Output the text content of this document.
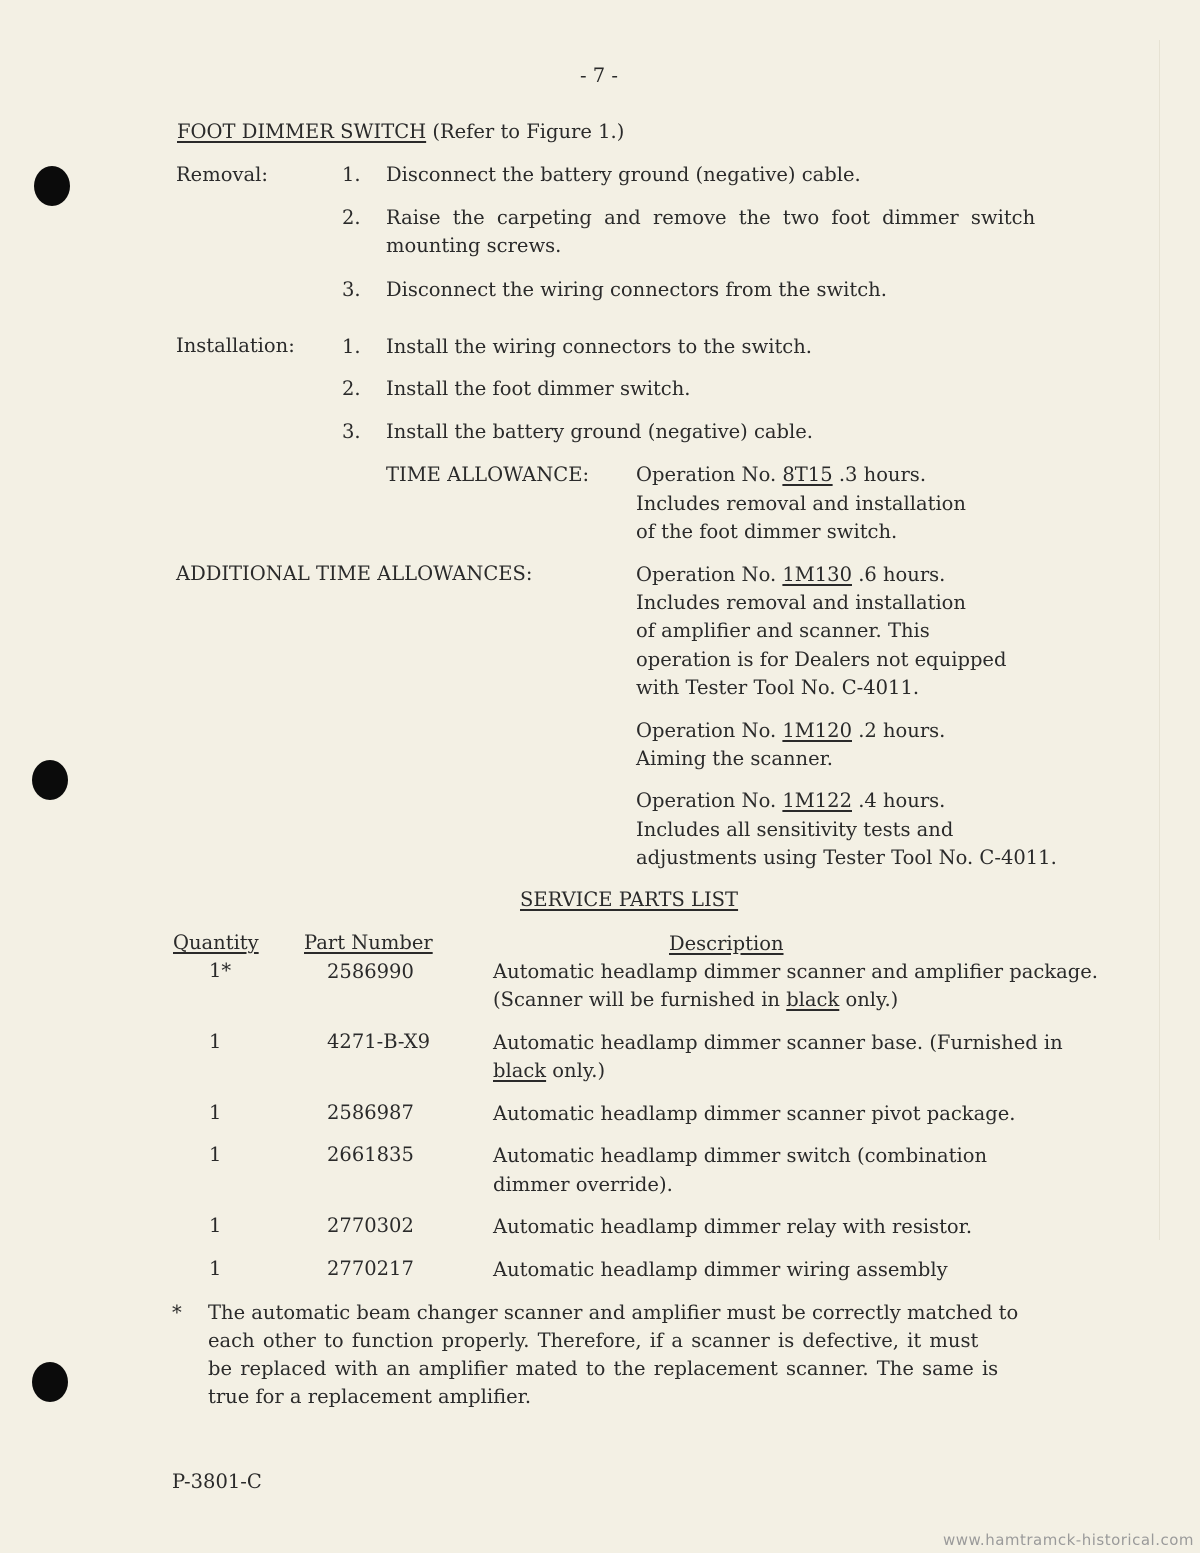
- 7 -
FOOT DIMMER SWITCH (Refer to Figure 1.)
Removal:	1. Disconnect the battery ground (negative) cable.
2. Raise the carpeting and remove the two foot dimmer switch
mounting screws.
3. Disconnect the wiring connectors from the switch.
Installation: 1. Install the wiring connectors to the switch.
2. Install the foot dimmer switch.
3. Install the battery ground (negative) cable.
TIME ALLOWANCE: Operation No. 8T15 .3 hours.
Includes removal and installation
of the foot dimmer switch.
ADDITIONAL TIME ALLOWANCES:	Operation No. 1M130 .6 hours.
Includes removal and installation
of amplifier and scanner. This
operation is for Dealers not equipped
with Tester Tool No. C-4011.
Operation No. 1M120 .2 hours.
Aiming the scanner.
Operation No. 1M122 .4 hours.
Includes all sensitivity tests and
adjustments using Tester Tool No. C-4011.
SERVICE PARTS LIST
Quantity Part Number	Description
1*	2586990	Automatic headlamp dimmer scanner and amplifier package.
(Scanner will be furnished in black only.)
1	4271-B-X9	Automatic headlamp dimmer scanner base. (Furnished in
black only.)
1	2586987	Automatic headlamp dimmer scanner pivot package.
1	2661835	Automatic headlamp dimmer switch (combination
dimmer override).
1	2770302	Automatic headlamp dimmer relay with resistor.
1	2770217	Automatic headlamp dimmer wiring assembly
* The automatic beam changer scanner and amplifier must be correctly matched to
each other to function properly. Therefore, if a scanner is defective, it must
be replaced with an amplifier mated to the replacement scanner. The same is
true for a replacement amplifier.
P-3801-C
www.hamtramck-historical.com
